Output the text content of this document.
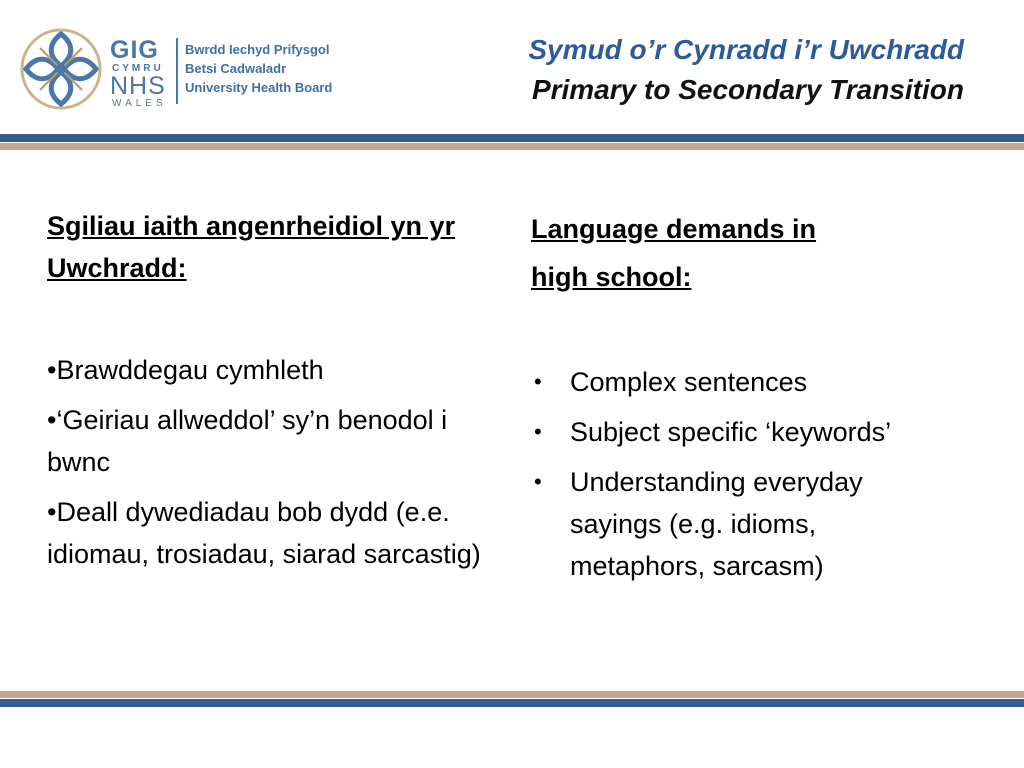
GIG
CYMRU
NHS
WALES
Bwrdd Iechyd Prifysgol
Betsi Cadwaladr
University Health Board
Symud o’r Cynradd i’r Uwchradd
Primary to Secondary Transition
Sgiliau iaith angenrheidiol yn yr Uwchradd:
•Brawddegau cymhleth
•‘Geiriau allweddol’ sy’n benodol i bwnc
•Deall dywediadau bob dydd (e.e. idiomau, trosiadau, siarad sarcastig)
Language demands in
high school:
• Complex sentences
• Subject specific ‘keywords’
• Understanding everyday sayings (e.g. idioms, metaphors, sarcasm)
